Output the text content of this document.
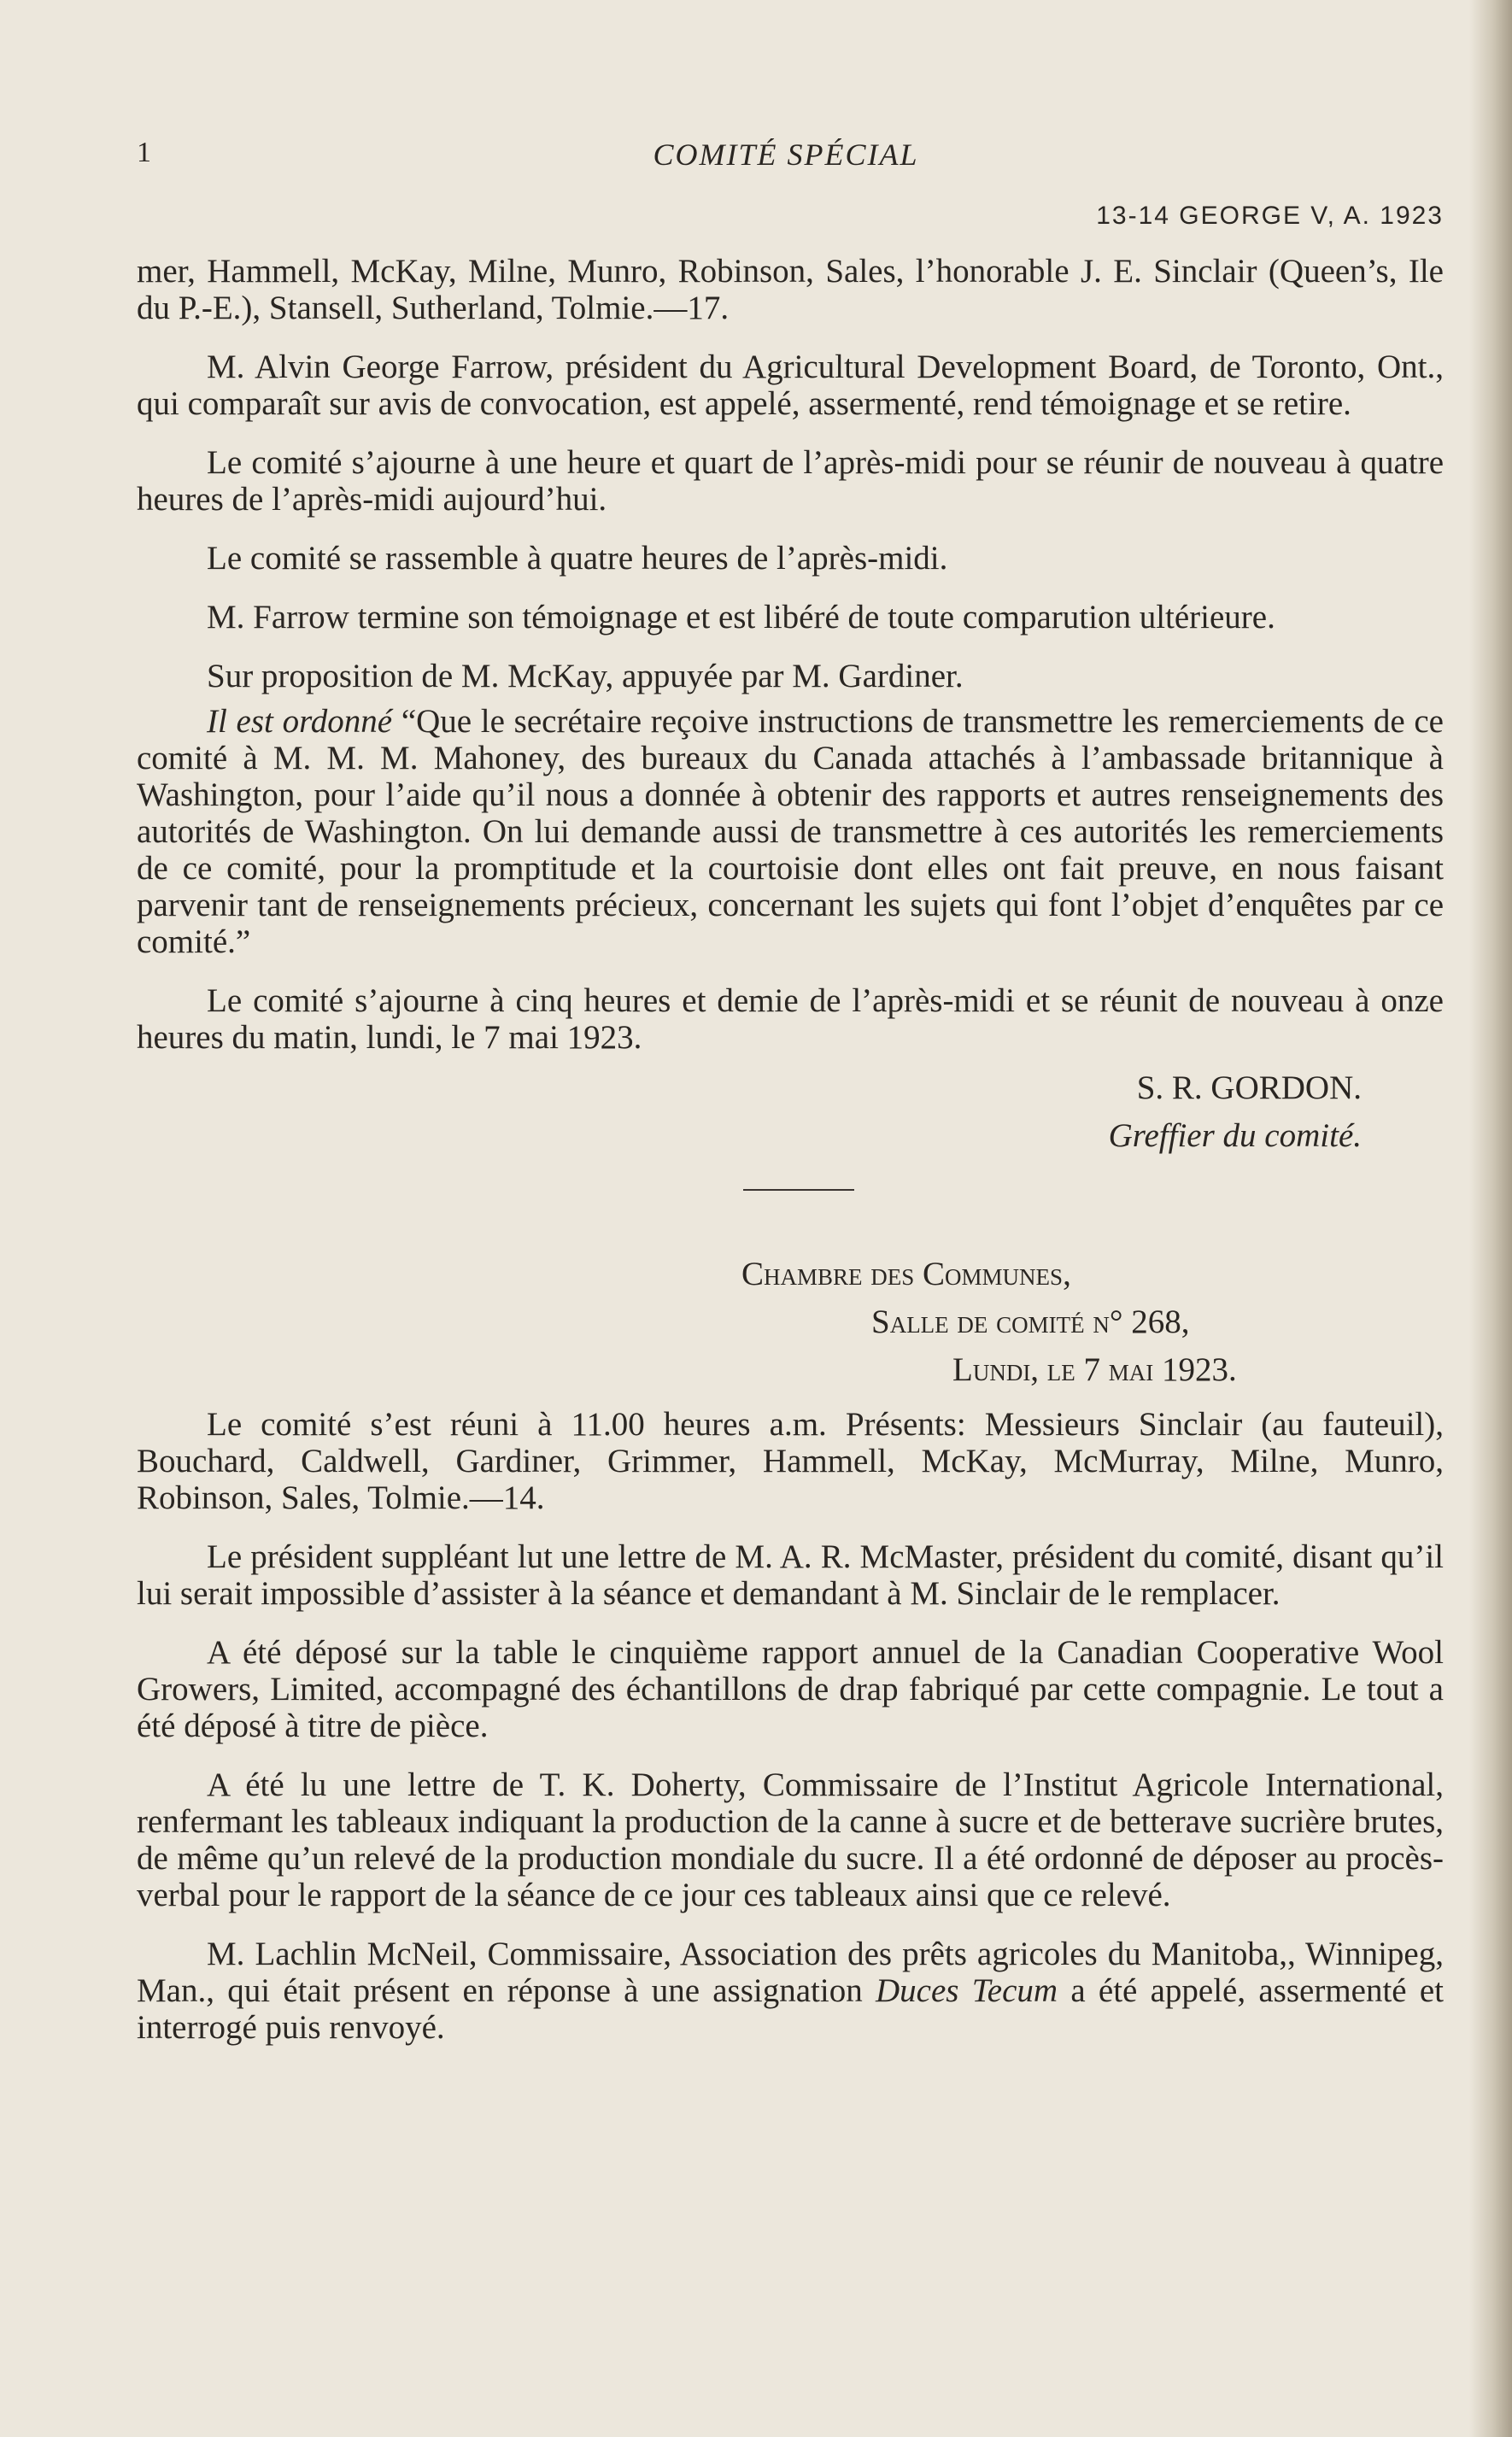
1	COMITÉ SPÉCIAL
13-14 GEORGE V, A. 1923

mer, Hammell, McKay, Milne, Munro, Robinson, Sales, l’honorable J. E. Sinclair (Queen’s, Ile du P.-E.), Stansell, Sutherland, Tolmie.—17.

M. Alvin George Farrow, président du Agricultural Development Board, de Toronto, Ont., qui comparaît sur avis de convocation, est appelé, assermenté, rend témoignage et se retire.

Le comité s’ajourne à une heure et quart de l’après-midi pour se réunir de nouveau à quatre heures de l’après-midi aujourd’hui.

Le comité se rassemble à quatre heures de l’après-midi.

M. Farrow termine son témoignage et est libéré de toute comparution ultérieure.

Sur proposition de M. McKay, appuyée par M. Gardiner.

Il est ordonné “Que le secrétaire reçoive instructions de transmettre les remerciements de ce comité à M. M. M. Mahoney, des bureaux du Canada attachés à l’ambassade britannique à Washington, pour l’aide qu’il nous a donnée à obtenir des rapports et autres renseignements des autorités de Washington. On lui demande aussi de transmettre à ces autorités les remerciements de ce comité, pour la promptitude et la courtoisie dont elles ont fait preuve, en nous faisant parvenir tant de renseignements précieux, concernant les sujets qui font l’objet d’enquêtes par ce comité.”

Le comité s’ajourne à cinq heures et demie de l’après-midi et se réunit de nouveau à onze heures du matin, lundi, le 7 mai 1923.

S. R. GORDON.
Greffier du comité.
Chambre des Communes,
Salle de comité n° 268,
Lundi, le 7 mai 1923.

Le comité s’est réuni à 11.00 heures a.m. Présents: Messieurs Sinclair (au fauteuil), Bouchard, Caldwell, Gardiner, Grimmer, Hammell, McKay, McMurray, Milne, Munro, Robinson, Sales, Tolmie.—14.

Le président suppléant lut une lettre de M. A. R. McMaster, président du comité, disant qu’il lui serait impossible d’assister à la séance et demandant à M. Sinclair de le remplacer.

A été déposé sur la table le cinquième rapport annuel de la Canadian Cooperative Wool Growers, Limited, accompagné des échantillons de drap fabriqué par cette compagnie. Le tout a été déposé à titre de pièce.

A été lu une lettre de T. K. Doherty, Commissaire de l’Institut Agricole International, renfermant les tableaux indiquant la production de la canne à sucre et de betterave sucrière brutes, de même qu’un relevé de la production mondiale du sucre. Il a été ordonné de déposer au procès-verbal pour le rapport de la séance de ce jour ces tableaux ainsi que ce relevé.

M. Lachlin McNeil, Commissaire, Association des prêts agricoles du Manitoba,, Winnipeg, Man., qui était présent en réponse à une assignation Duces Tecum a été appelé, assermenté et interrogé puis renvoyé.
